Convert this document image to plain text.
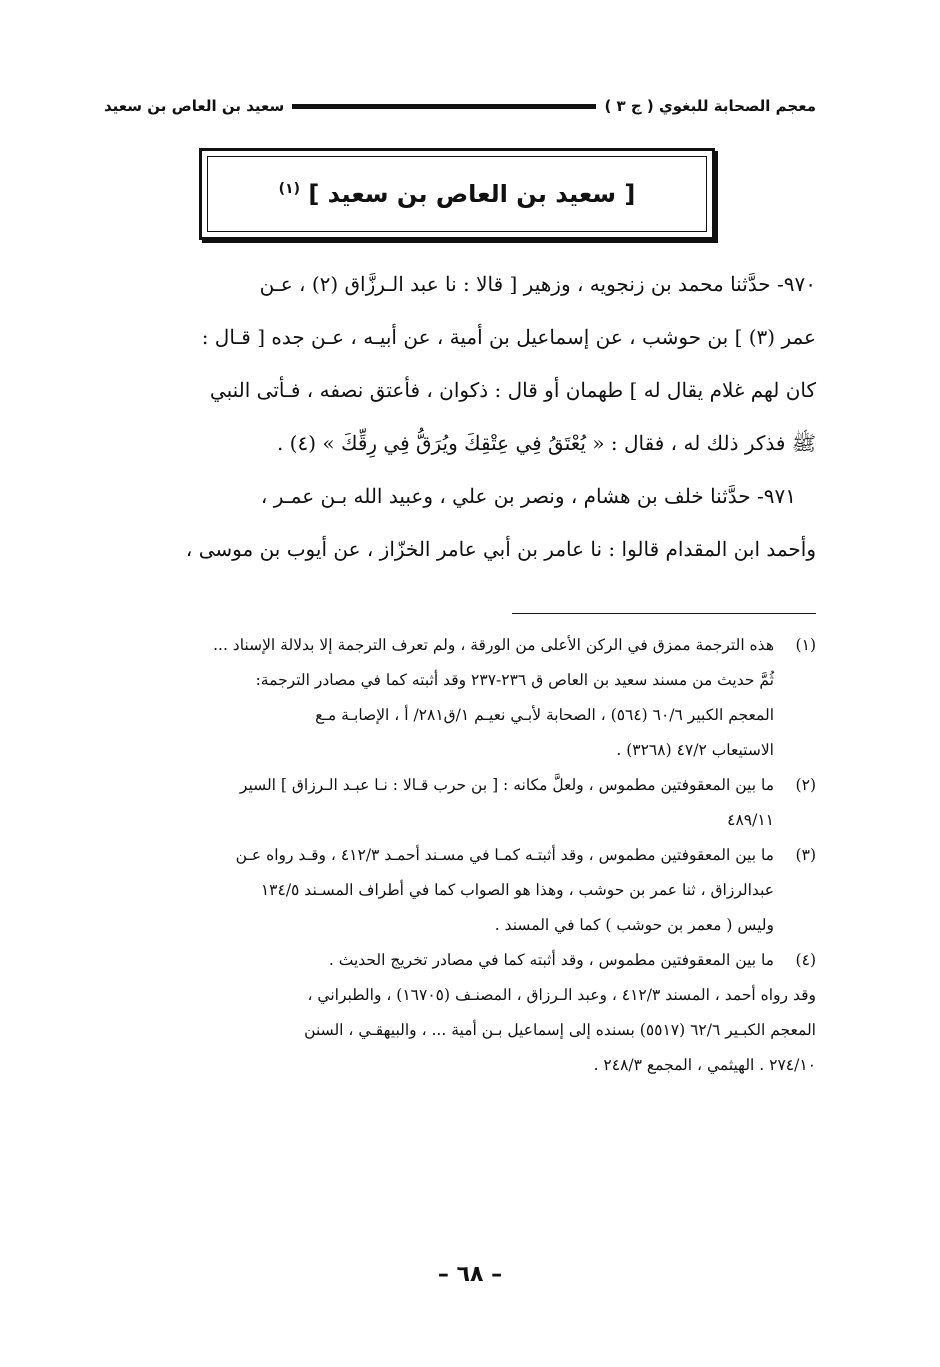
معجم الصحابة للبغوي ( ج ٣ )
سعيد بن العاص بن سعيد
[ سعيد بن العاص بن سعيد ] $^{(١)}$

٩٧٠- حدَّثنا محمد بن زنجويه ، وزهير [ قالا : نا عبد الـرزَّاق (٢) ، عـن

عمر (٣) ] بن حوشب ، عن إسماعيل بن أمية ، عن أبيـه ، عـن جده [ قـال :

كان لهم غلام يقال له ] طهمان أو قال : ذكوان ، فأعتق نصفه ، فـأتى النبي

ﷺ فذكر ذلك له ، فقال : « يُعْتَقُ فِي عِتْقِكَ ويُرَقُّ فِي رِقِّكَ » (٤) .

٩٧١- حدَّثنا خلف بن هشام ، ونصر بن علي ، وعبيد الله بـن عمـر ،

وأحمد ابن المقدام قالوا : نا عامر بن أبي عامر الخزّاز ، عن أيوب بن موسى ،

(١)
هذه الترجمة ممزق في الركن الأعلى من الورقة ، ولم تعرف الترجمة إلا بدلالة الإسناد ...
ثُمَّ حديث من مسند سعيد بن العاص ق ٢٣٦-٢٣٧ وقد أثبته كما في مصادر الترجمة:
المعجم الكبير ٦٠/٦ (٥٦٤) ، الصحابة لأبـي نعيـم ١/ق٢٨١/ أ ، الإصابـة مـع
الاستيعاب ٤٧/٢ (٣٢٦٨) .
(٢)
ما بين المعقوفتين مطموس ، ولعلَّ مكانه : [ بن حرب قـالا : نـا عبـد الـرزاق ] السير
٤٨٩/١١
(٣)
ما بين المعقوفتين مطموس ، وقد أثبتـه كمـا في مسـند أحمـد ٤١٢/٣ ، وقـد رواه عـن
عبدالرزاق ، ثنا عمر بن حوشب ، وهذا هو الصواب كما في أطراف المسـند ١٣٤/٥
وليس ( معمر بن حوشب ) كما في المسند .
(٤)
ما بين المعقوفتين مطموس ، وقد أثبته كما في مصادر تخريج الحديث .
وقد رواه أحمد ، المسند ٤١٢/٣ ، وعبد الـرزاق ، المصنـف (١٦٧٠٥) ، والطبراني ،
المعجم الكبـير ٦٢/٦ (٥٥١٧) بسنده إلى إسماعيل بـن أمية ... ، والبيهقـي ، السنن
٢٧٤/١٠ . الهيثمي ، المجمع ٢٤٨/٣ .
– ٦٨ –
